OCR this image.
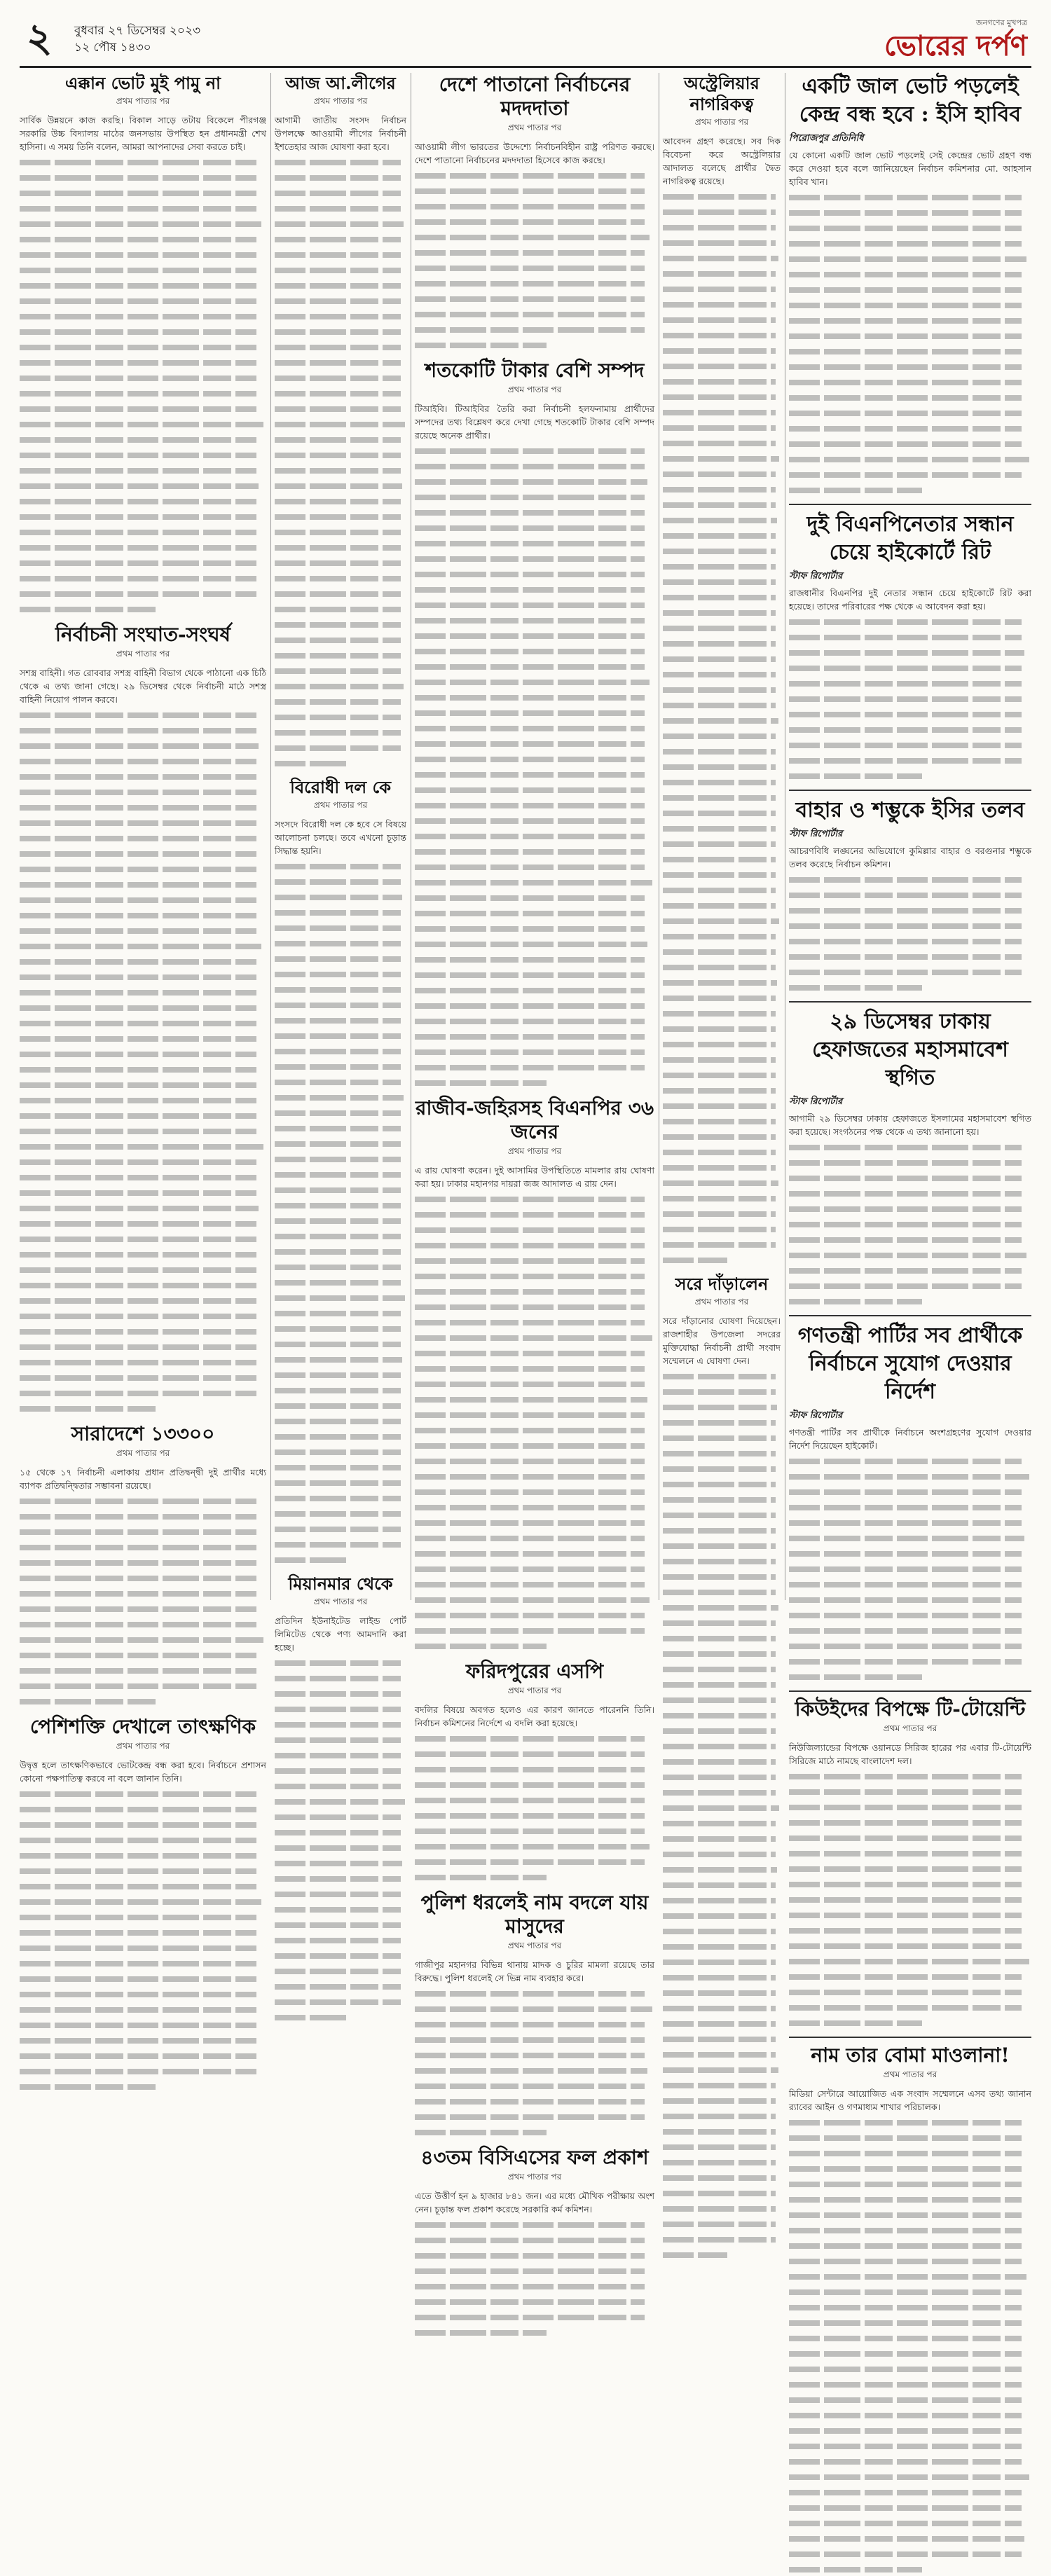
২ বুধবার ২৭ ডিসেম্বর ২০২৩
১২ পৌষ ১৪৩০
জনগণের মুখপত্র
ভোরের দর্পণ
এক্কান ভোট মুই পামু না
প্রথম পাতার পর

সার্বিক উন্নয়নে কাজ করছি। বিকাল সাড়ে তটায় বিকেলে পীরগঞ্জ সরকারি উচ্চ বিদ্যালয় মাঠের জনসভায় উপস্থিত হন প্রধানমন্ত্রী শেখ হাসিনা। এ সময় তিনি বলেন, আমরা আপনাদের সেবা করতে চাই।

নির্বাচনী সংঘাত-সংঘর্ষ
প্রথম পাতার পর

সশস্ত্র বাহিনী। গত রোববার সশস্ত্র বাহিনী বিভাগ থেকে পাঠানো এক চিঠি থেকে এ তথ্য জানা গেছে। ২৯ ডিসেম্বর থেকে নির্বাচনী মাঠে সশস্ত্র বাহিনী নিয়োগ পালন করবে।

সারাদেশে ১৩৩০০
প্রথম পাতার পর

১৫ থেকে ১৭ নির্বাচনী এলাকায় প্রধান প্রতিদ্বন্দ্বী দুই প্রার্থীর মধ্যে ব্যাপক প্রতিদ্বন্দ্বিতার সম্ভাবনা রয়েছে।

পেশিশক্তি দেখালে তাৎক্ষণিক
প্রথম পাতার পর

উদ্বৃত্ত হলে তাৎক্ষণিকভাবে ভোটকেন্দ্র বন্ধ করা হবে। নির্বাচনে প্রশাসন কোনো পক্ষপাতিত্ব করবে না বলে জানান তিনি।

আজ আ.লীগের
প্রথম পাতার পর

আগামী জাতীয় সংসদ নির্বাচন উপলক্ষে আওয়ামী লীগের নির্বাচনী ইশতেহার আজ ঘোষণা করা হবে।

বিরোধী দল কে
প্রথম পাতার পর

সংসদে বিরোধী দল কে হবে সে বিষয়ে আলোচনা চলছে। তবে এখনো চূড়ান্ত সিদ্ধান্ত হয়নি।

মিয়ানমার থেকে
প্রথম পাতার পর

প্রতিদিন ইউনাইটেড লাইন্ড পোর্ট লিমিটেড থেকে পণ্য আমদানি করা হচ্ছে।

দেশে পাতানো নির্বাচনের মদদদাতা
প্রথম পাতার পর

আওয়ামী লীগ ভারতের উদ্দেশ্যে নির্বাচনবিহীন রাষ্ট্র পরিণত করছে। দেশে পাতানো নির্বাচনের মদদদাতা হিসেবে কাজ করছে।

শতকোটি টাকার বেশি সম্পদ
প্রথম পাতার পর

টিআইবি। টিআইবির তৈরি করা নির্বাচনী হলফনামায় প্রার্থীদের সম্পদের তথ্য বিশ্লেষণ করে দেখা গেছে শতকোটি টাকার বেশি সম্পদ রয়েছে অনেক প্রার্থীর।

রাজীব-জহিরসহ বিএনপির ৩৬ জনের
প্রথম পাতার পর

এ রায় ঘোষণা করেন। দুই আসামির উপস্থিতিতে মামলার রায় ঘোষণা করা হয়। ঢাকার মহানগর দায়রা জজ আদালত এ রায় দেন।

ফরিদপুরের এসপি
প্রথম পাতার পর

বদলির বিষয়ে অবগত হলেও এর কারণ জানতে পারেননি তিনি। নির্বাচন কমিশনের নির্দেশে এ বদলি করা হয়েছে।

পুলিশ ধরলেই নাম বদলে যায় মাসুদের
প্রথম পাতার পর

গাজীপুর মহানগর বিভিন্ন থানায় মাদক ও চুরির মামলা রয়েছে তার বিরুদ্ধে। পুলিশ ধরলেই সে ভিন্ন নাম ব্যবহার করে।

৪৩তম বিসিএসের ফল প্রকাশ
প্রথম পাতার পর

এতে উত্তীর্ণ হন ৯ হাজার ৮৪১ জন। এর মধ্যে মৌখিক পরীক্ষায় অংশ নেন। চূড়ান্ত ফল প্রকাশ করেছে সরকারি কর্ম কমিশন।

অস্ট্রেলিয়ার নাগরিকত্ব
প্রথম পাতার পর

আবেদন গ্রহণ করেছে। সব দিক বিবেচনা করে অস্ট্রেলিয়ার আদালত বলেছে প্রার্থীর দ্বৈত নাগরিকত্ব রয়েছে।

সরে দাঁড়ালেন
প্রথম পাতার পর

সরে দাঁড়ানোর ঘোষণা দিয়েছেন। রাজশাহীর উপজেলা সদরের মুক্তিযোদ্ধা নির্বাচনী প্রার্থী সংবাদ সম্মেলনে এ ঘোষণা দেন।

একটি জাল ভোট পড়লেই কেন্দ্র বন্ধ হবে : ইসি হাবিব
পিরোজপুর প্রতিনিধি

যে কোনো একটি জাল ভোট পড়লেই সেই কেন্দ্রের ভোট গ্রহণ বন্ধ করে দেওয়া হবে বলে জানিয়েছেন নির্বাচন কমিশনার মো. আহসান হাবিব খান।

দুই বিএনপিনেতার সন্ধান চেয়ে হাইকোর্টে রিট
স্টাফ রিপোর্টার

রাজধানীর বিএনপির দুই নেতার সন্ধান চেয়ে হাইকোর্টে রিট করা হয়েছে। তাদের পরিবারের পক্ষ থেকে এ আবেদন করা হয়।

বাহার ও শম্ভুকে ইসির তলব
স্টাফ রিপোর্টার

আচরণবিধি লঙ্ঘনের অভিযোগে কুমিল্লার বাহার ও বরগুনার শম্ভুকে তলব করেছে নির্বাচন কমিশন।

২৯ ডিসেম্বর ঢাকায় হেফাজতের মহাসমাবেশ স্থগিত
স্টাফ রিপোর্টার

আগামী ২৯ ডিসেম্বর ঢাকায় হেফাজতে ইসলামের মহাসমাবেশ স্থগিত করা হয়েছে। সংগঠনের পক্ষ থেকে এ তথ্য জানানো হয়।

গণতন্ত্রী পার্টির সব প্রার্থীকে নির্বাচনে সুযোগ দেওয়ার নির্দেশ
স্টাফ রিপোর্টার

গণতন্ত্রী পার্টির সব প্রার্থীকে নির্বাচনে অংশগ্রহণের সুযোগ দেওয়ার নির্দেশ দিয়েছেন হাইকোর্ট।

কিউইদের বিপক্ষে টি-টোয়েন্টি
প্রথম পাতার পর

নিউজিল্যান্ডের বিপক্ষে ওয়ানডে সিরিজ হারের পর এবার টি-টোয়েন্টি সিরিজে মাঠে নামছে বাংলাদেশ দল।

নাম তার বোমা মাওলানা!
প্রথম পাতার পর

মিডিয়া সেন্টারে আয়োজিত এক সংবাদ সম্মেলনে এসব তথ্য জানান র‍্যাবের আইন ও গণমাধ্যম শাখার পরিচালক।
